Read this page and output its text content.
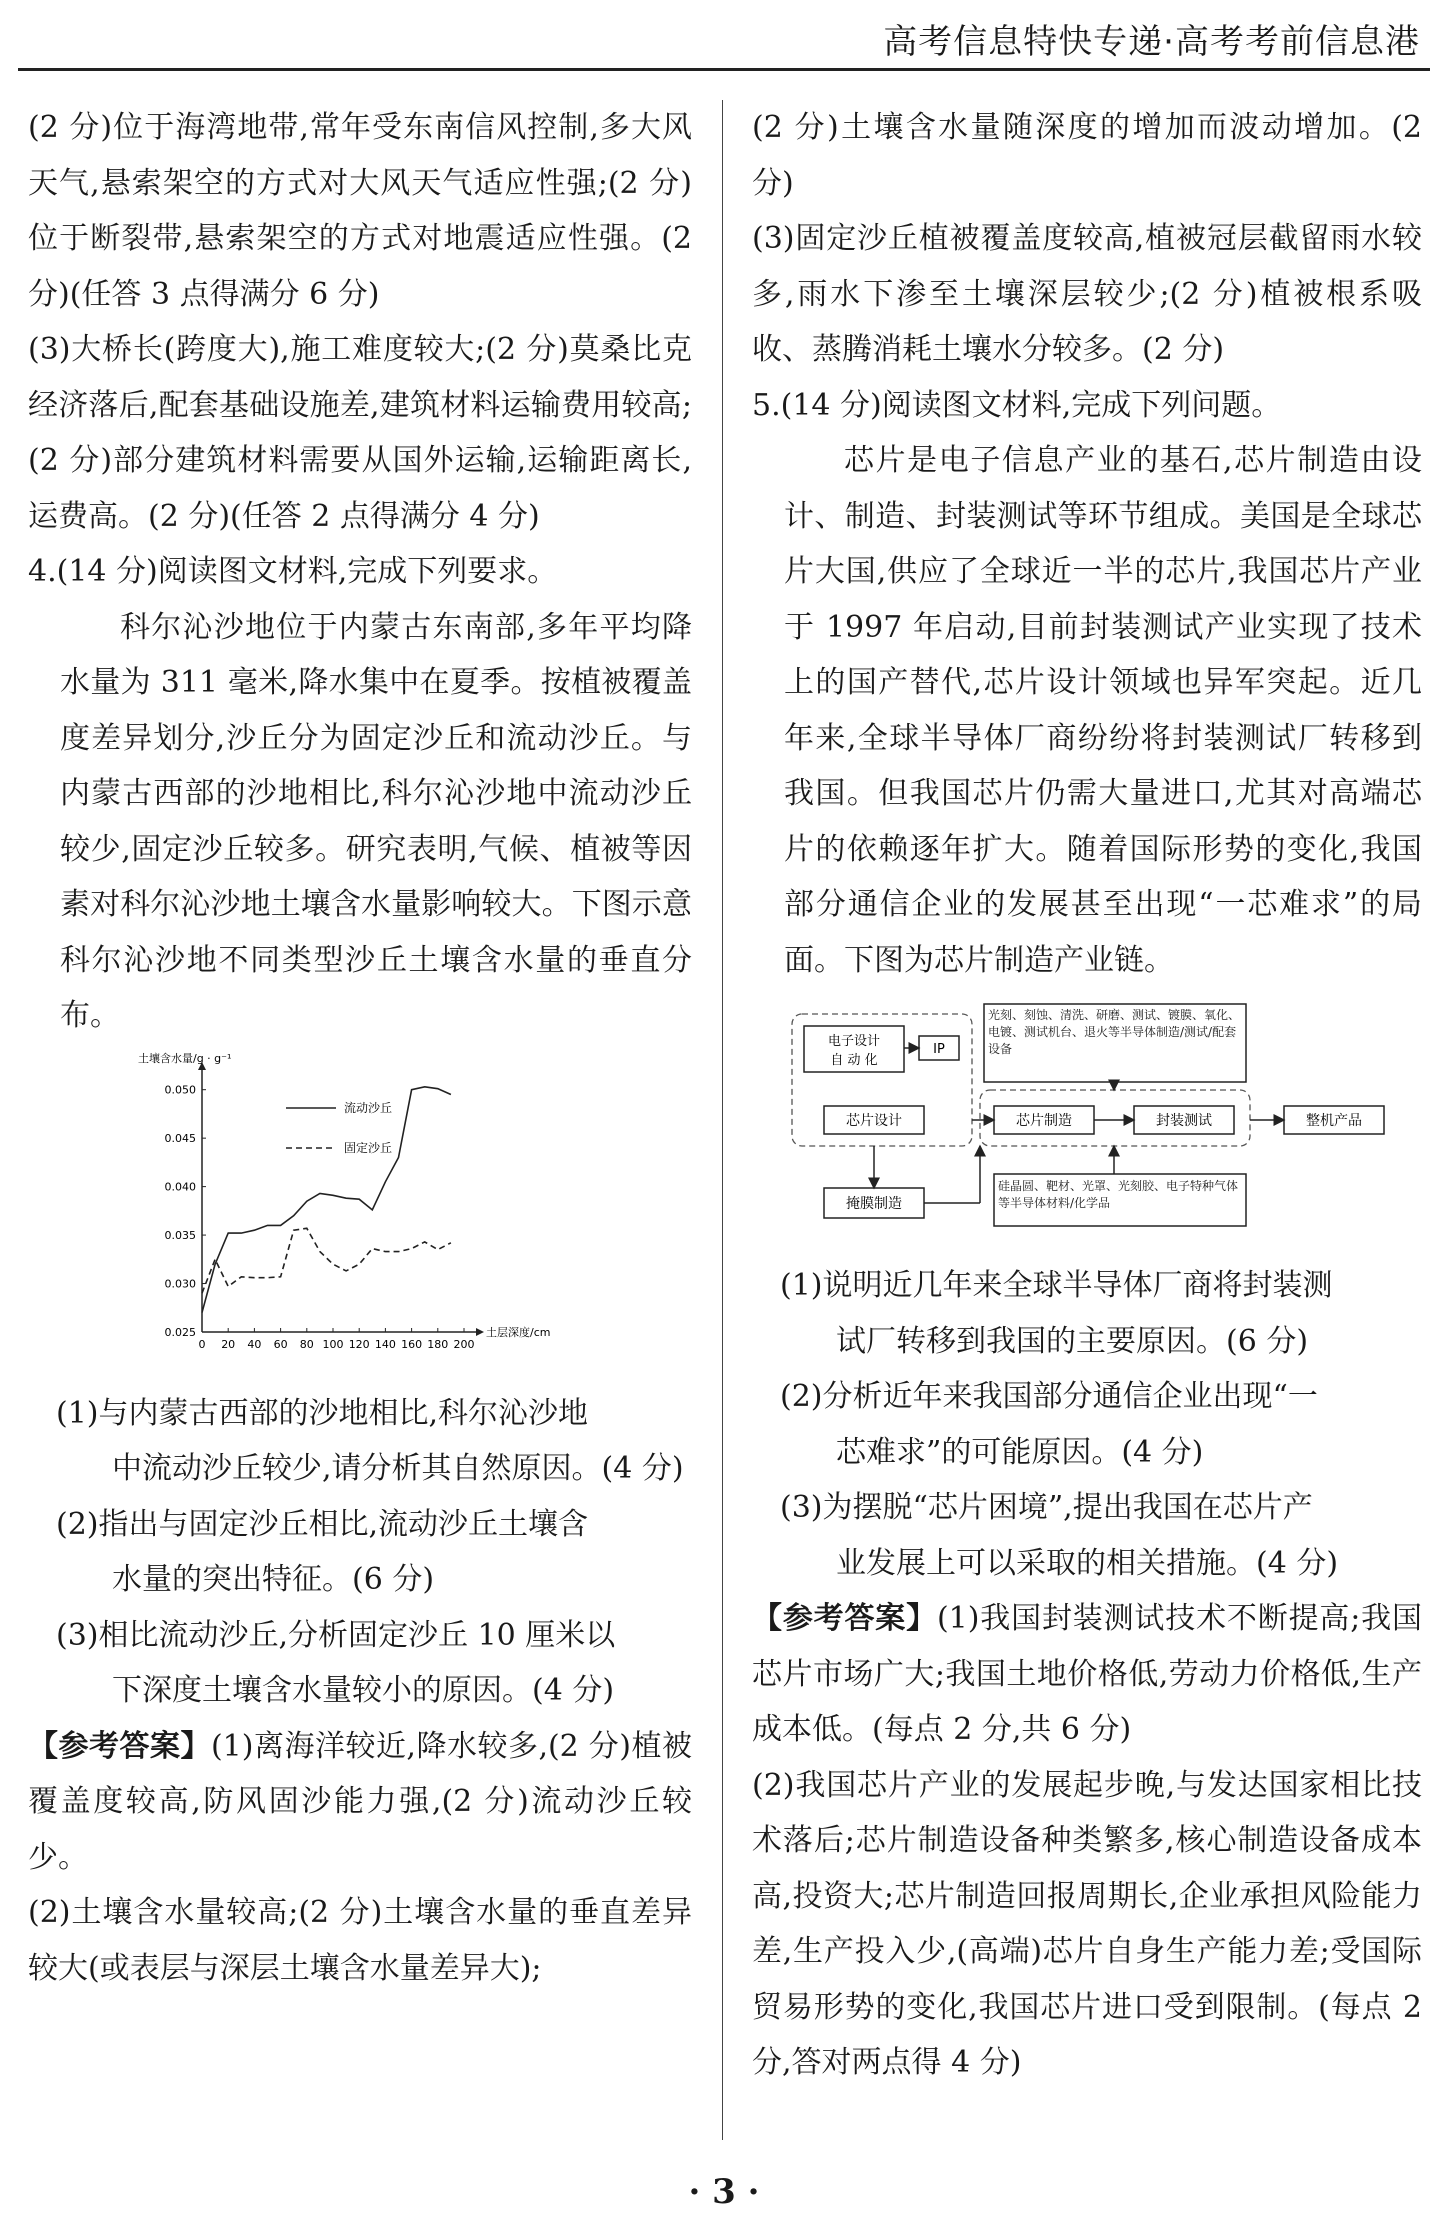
高考信息特快专递·高考考前信息港

(2 分)位于海湾地带,常年受东南信风控制,多大风天气,悬索架空的方式对大风天气适应性强;(2 分)位于断裂带,悬索架空的方式对地震适应性强。(2 分)(任答 3 点得满分 6 分)

(3)大桥长(跨度大),施工难度较大;(2 分)莫桑比克经济落后,配套基础设施差,建筑材料运输费用较高;(2 分)部分建筑材料需要从国外运输,运输距离长,运费高。(2 分)(任答 2 点得满分 4 分)

4.(14 分)阅读图文材料,完成下列要求。

科尔沁沙地位于内蒙古东南部,多年平均降水量为 311 毫米,降水集中在夏季。按植被覆盖度差异划分,沙丘分为固定沙丘和流动沙丘。与内蒙古西部的沙地相比,科尔沁沙地中流动沙丘较少,固定沙丘较多。研究表明,气候、植被等因素对科尔沁沙地土壤含水量影响较大。下图示意科尔沁沙地不同类型沙丘土壤含水量的垂直分布。

0.025
0.030
0.035
0.040
0.045
0.050
0 20 40 60 80 100 120 140 160 180 200
土壤含水量/g · g⁻¹
土层深度/cm
流动沙丘
固定沙丘

(1)与内蒙古西部的沙地相比,科尔沁沙地
中流动沙丘较少,请分析其自然原因。(4 分)

(2)指出与固定沙丘相比,流动沙丘土壤含
水量的突出特征。(6 分)

(3)相比流动沙丘,分析固定沙丘 10 厘米以
下深度土壤含水量较小的原因。(4 分)

【参考答案】(1)离海洋较近,降水较多,(2 分)植被覆盖度较高,防风固沙能力强,(2 分)流动沙丘较少。

(2)土壤含水量较高;(2 分)土壤含水量的垂直差异较大(或表层与深层土壤含水量差异大);

(2 分)土壤含水量随深度的增加而波动增加。(2 分)

(3)固定沙丘植被覆盖度较高,植被冠层截留雨水较多,雨水下渗至土壤深层较少;(2 分)植被根系吸收、蒸腾消耗土壤水分较多。(2 分)

5.(14 分)阅读图文材料,完成下列问题。

芯片是电子信息产业的基石,芯片制造由设计、制造、封装测试等环节组成。美国是全球芯片大国,供应了全球近一半的芯片,我国芯片产业于 1997 年启动,目前封装测试产业实现了技术上的国产替代,芯片设计领域也异军突起。近几年来,全球半导体厂商纷纷将封装测试厂转移到我国。但我国芯片仍需大量进口,尤其对高端芯片的依赖逐年扩大。随着国际形势的变化,我国部分通信企业的发展甚至出现“一芯难求”的局面。下图为芯片制造产业链。

电子设计
自 动 化
IP
光刻、刻蚀、清洗、研磨、测试、镀膜、氧化、电镀、测试机台、退火等半导体制造/测试/配套设备
芯片设计	芯片制造	封装测试	整机产品
掩膜制造
硅晶圆、靶材、光罩、光刻胶、电子特种气体等半导体材料/化学品

(1)说明近几年来全球半导体厂商将封装测
试厂转移到我国的主要原因。(6 分)

(2)分析近年来我国部分通信企业出现“一
芯难求”的可能原因。(4 分)

(3)为摆脱“芯片困境”,提出我国在芯片产
业发展上可以采取的相关措施。(4 分)

【参考答案】(1)我国封装测试技术不断提高;我国芯片市场广大;我国土地价格低,劳动力价格低,生产成本低。(每点 2 分,共 6 分)

(2)我国芯片产业的发展起步晚,与发达国家相比技术落后;芯片制造设备种类繁多,核心制造设备成本高,投资大;芯片制造回报周期长,企业承担风险能力差,生产投入少,(高端)芯片自身生产能力差;受国际贸易形势的变化,我国芯片进口受到限制。(每点 2 分,答对两点得 4 分)

· 3 ·
